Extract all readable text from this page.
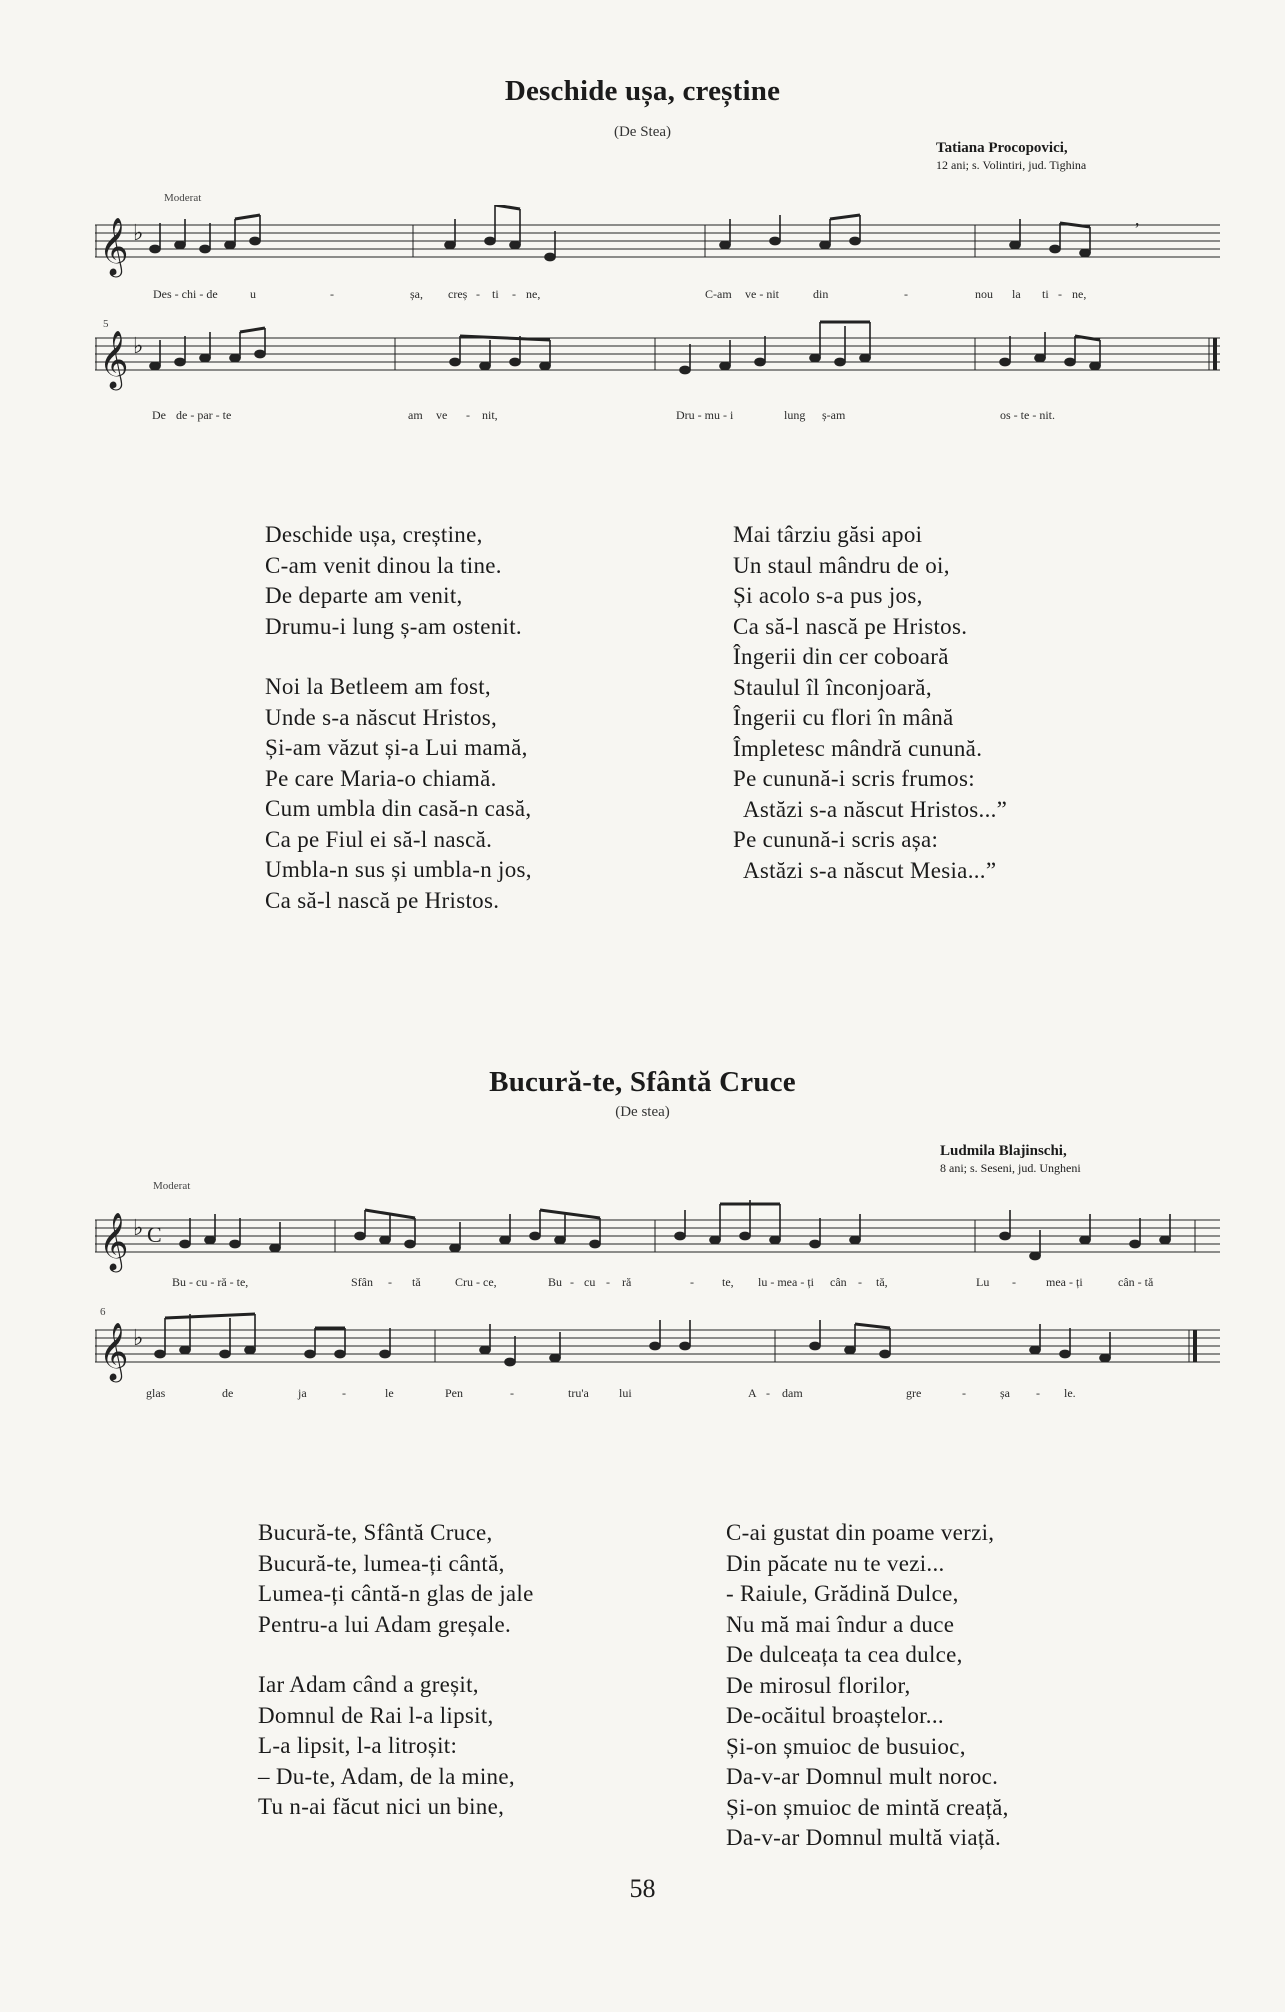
Deschide ușa, creștine
(De Stea)
Tatiana Procopovici,
12 ani; s. Volintiri, jud. Tighina
Moderat
𝄞 ♭
,
Des - chi - de	u	-	șa, creș - ti - ne,	C-am ve - nit	din	-	nou la ti - ne,
5
𝄞 ♭
De de - par - te	am ve - nit,	Dru - mu - i	lung ș-am	os - te - nit.
Deschide ușa, creștine,
C-am venit dinou la tine.
De departe am venit,
Drumu-i lung ș-am ostenit.
Noi la Betleem am fost,
Unde s-a născut Hristos,
Și-am văzut și-a Lui mamă,
Pe care Maria-o chiamă.
Cum umbla din casă-n casă,
Ca pe Fiul ei să-l nască.
Umbla-n sus și umbla-n jos,
Ca să-l nască pe Hristos.
Mai târziu găsi apoi
Un staul mândru de oi,
Și acolo s-a pus jos,
Ca să-l nască pe Hristos.
Îngerii din cer coboară
Staulul îl înconjoară,
Îngerii cu flori în mână
Împletesc mândră cunună.
Pe cunună-i scris frumos:
Astăzi s-a născut Hristos...”
Pe cunună-i scris așa:
Astăzi s-a născut Mesia...”
Bucură-te, Sfântă Cruce
(De stea)
Ludmila Blajinschi,
8 ani; s. Seseni, jud. Ungheni
Moderat
𝄞 ♭ C
Bu - cu - ră - te,	Sfân - tă	Cru - ce,	Bu - cu - ră	- te, lu - mea - ți cân - tă,	Lu -	mea - ți	cân - tă
6
𝄞 ♭
glas	de	ja	-	le	Pen	-	tru'a	lui	A - dam	gre	-	șa - le.
Bucură-te, Sfântă Cruce,
Bucură-te, lumea-ți cântă,
Lumea-ți cântă-n glas de jale
Pentru-a lui Adam greșale.
Iar Adam când a greșit,
Domnul de Rai l-a lipsit,
L-a lipsit, l-a litroșit:
– Du-te, Adam, de la mine,
Tu n-ai făcut nici un bine,
C-ai gustat din poame verzi,
Din păcate nu te vezi...
- Raiule, Grădină Dulce,
Nu mă mai îndur a duce
De dulceața ta cea dulce,
De mirosul florilor,
De-ocăitul broaștelor...
Și-on șmuioc de busuioc,
Da-v-ar Domnul mult noroc.
Și-on șmuioc de mintă creață,
Da-v-ar Domnul multă viață.
58
